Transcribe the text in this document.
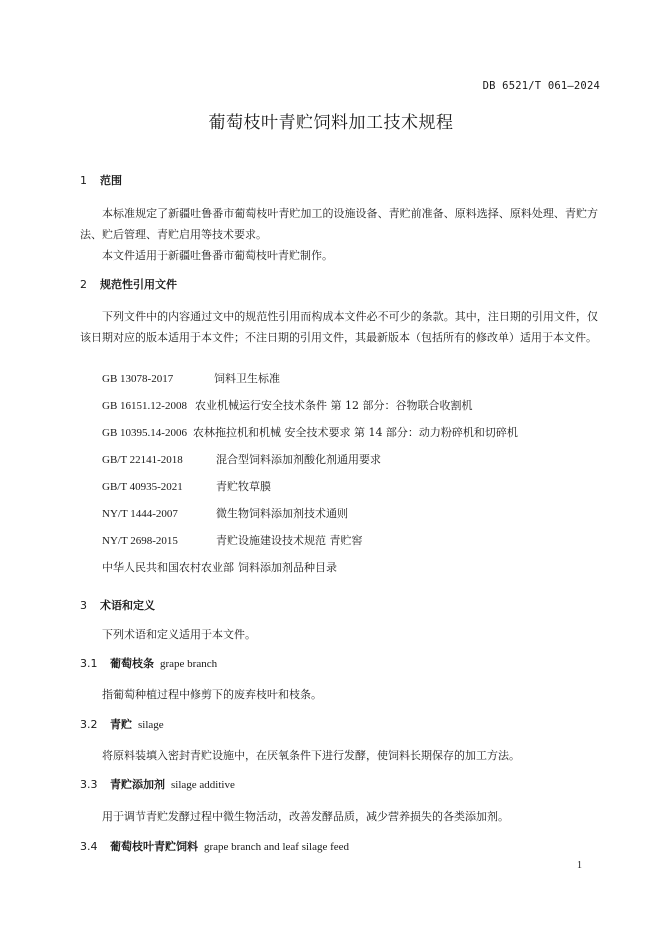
DB 6521/T 061—2024
葡萄枝叶青贮饲料加工技术规程
1 范围

本标准规定了新疆吐鲁番市葡萄枝叶青贮加工的设施设备、青贮前准备、原料选择、原料处理、青贮方法、贮后管理、青贮启用等技术要求。

本文件适用于新疆吐鲁番市葡萄枝叶青贮制作。

2 规范性引用文件

下列文件中的内容通过文中的规范性引用而构成本文件必不可少的条款。其中，注日期的引用文件，仅该日期对应的版本适用于本文件；不注日期的引用文件，其最新版本（包括所有的修改单）适用于本文件。

GB 13078-2017	饲料卫生标准
GB 16151.12-2008 农业机械运行安全技术条件 第 12 部分：谷物联合收割机
GB 10395.14-2006 农林拖拉机和机械 安全技术要求 第 14 部分：动力粉碎机和切碎机
GB/T 22141-2018	混合型饲料添加剂酸化剂通用要求
GB/T 40935-2021	青贮牧草膜
NY/T 1444-2007	微生物饲料添加剂技术通则
NY/T 2698-2015	青贮设施建设技术规范 青贮窖
中华人民共和国农村农业部 饲料添加剂品种目录
3 术语和定义

下列术语和定义适用于本文件。

3.1 葡萄枝条 grape branch

指葡萄种植过程中修剪下的废弃枝叶和枝条。

3.2 青贮 silage

将原料装填入密封青贮设施中，在厌氧条件下进行发酵，使饲料长期保存的加工方法。

3.3 青贮添加剂 silage additive

用于调节青贮发酵过程中微生物活动，改善发酵品质，减少营养损失的各类添加剂。

3.4 葡萄枝叶青贮饲料 grape branch and leaf silage feed
1
